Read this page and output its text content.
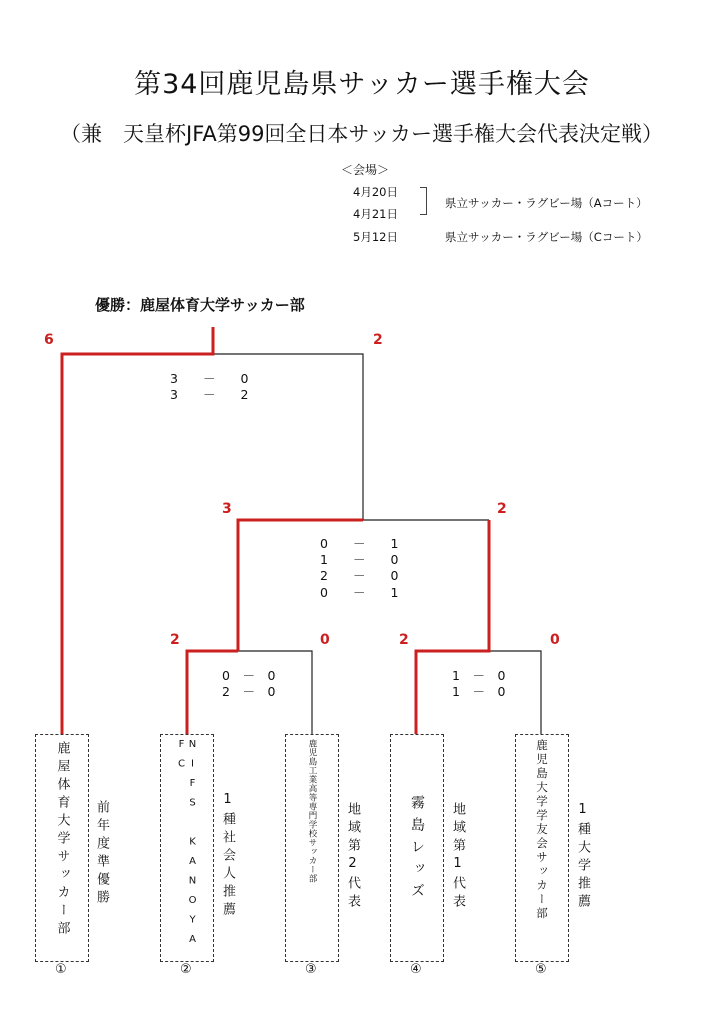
第34回鹿児島県サッカー選手権大会
（兼　天皇杯JFA第99回全日本サッカー選手権大会代表決定戦）
＜会場＞
4月20日
4月21日
5月12日
県立サッカー・ラグビー場（Aコート）
県立サッカー・ラグビー場（Cコート）
優勝：鹿屋体育大学サッカー部
6	2
3　　－　　0
3　　－　　2
3	2
0　　－　　1
1　　－　　0
2　　－　　0
0　　－　　1
2	0
0　－　0
2　－　0
2	0
1　－　0
1　－　0
鹿屋体育大学サッカー部	NIFS KANOYA FC	鹿児島工業高等専門学校サッカー部	霧島レッズ	鹿児島大学学友会サッカー部
前年度準優勝	1種社会人推薦	地域第2代表	地域第1代表	1種大学推薦
①	②	③	④	⑤
